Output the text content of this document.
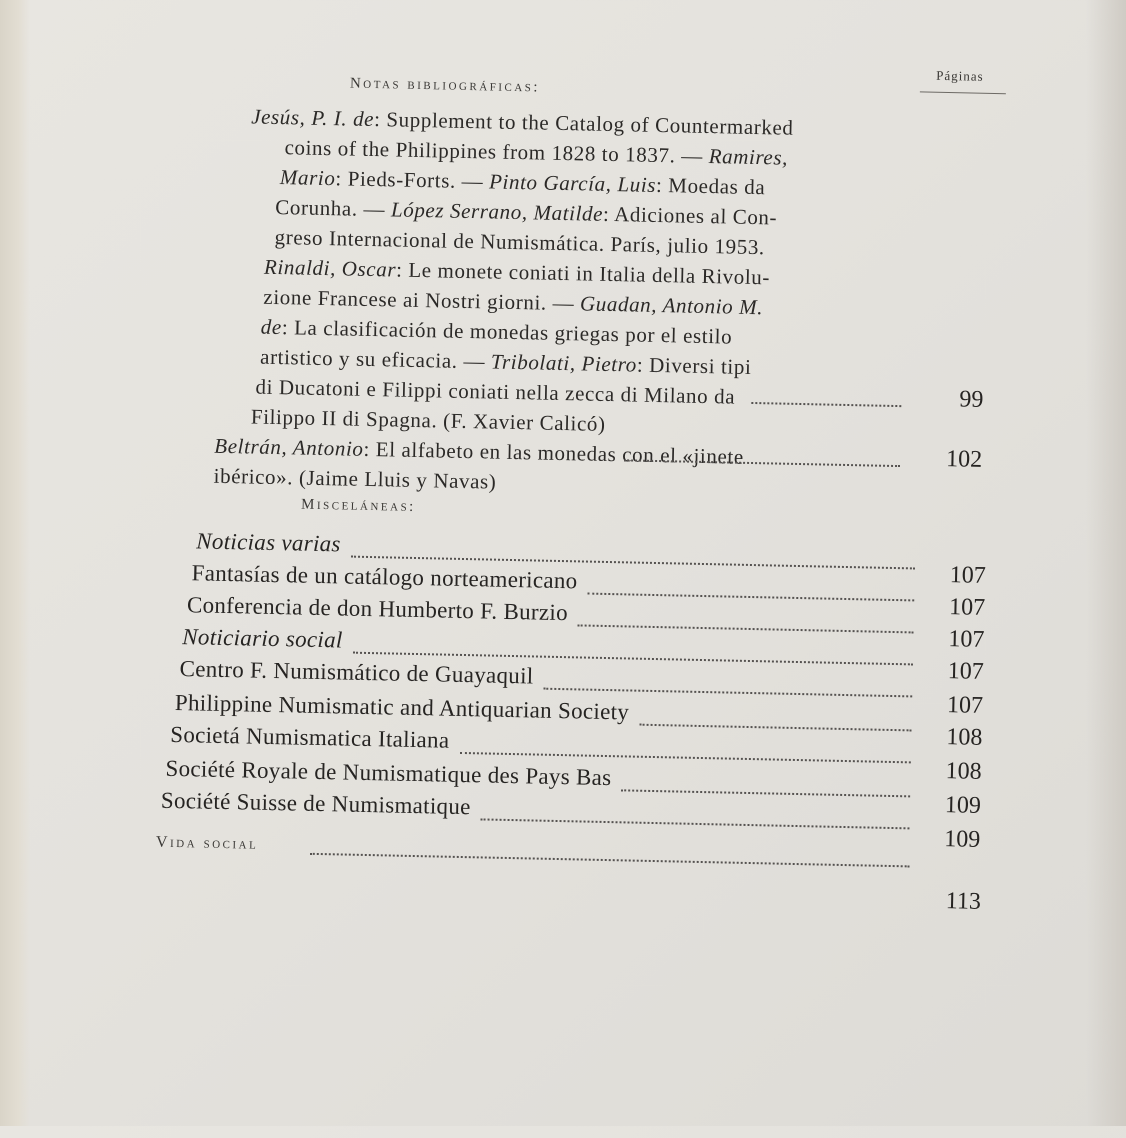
Páginas
Notas bibliográficas:
Jesús, P. I. de: Supplement to the Catalog of Countermarked
coins of the Philippines from 1828 to 1837. — Ramires,
Mario: Pieds-Forts. — Pinto García, Luis: Moedas da
Corunha. — López Serrano, Matilde: Adiciones al Con-
greso Internacional de Numismática. París, julio 1953.
Rinaldi, Oscar: Le monete coniati in Italia della Rivolu-
zione Francese ai Nostri giorni. — Guadan, Antonio M.
de: La clasificación de monedas griegas por el estilo
artistico y su eficacia. — Tribolati, Pietro: Diversi tipi
di Ducatoni e Filippi coniati nella zecca di Milano da
Filippo II di Spagna. (F. Xavier Calicó)
Beltrán, Antonio: El alfabeto en las monedas con el «jinete
ibérico». (Jaime Lluis y Navas)
99
102
Misceláneas:
Noticias varias
107
Fantasías de un catálogo norteamericano
107
Conferencia de don Humberto F. Burzio
107
Noticiario social
107
Centro F. Numismático de Guayaquil
107
Philippine Numismatic and Antiquarian Society
108
Societá Numismatica Italiana
108
Société Royale de Numismatique des Pays Bas
109
Société Suisse de Numismatique
109
Vida social
113
